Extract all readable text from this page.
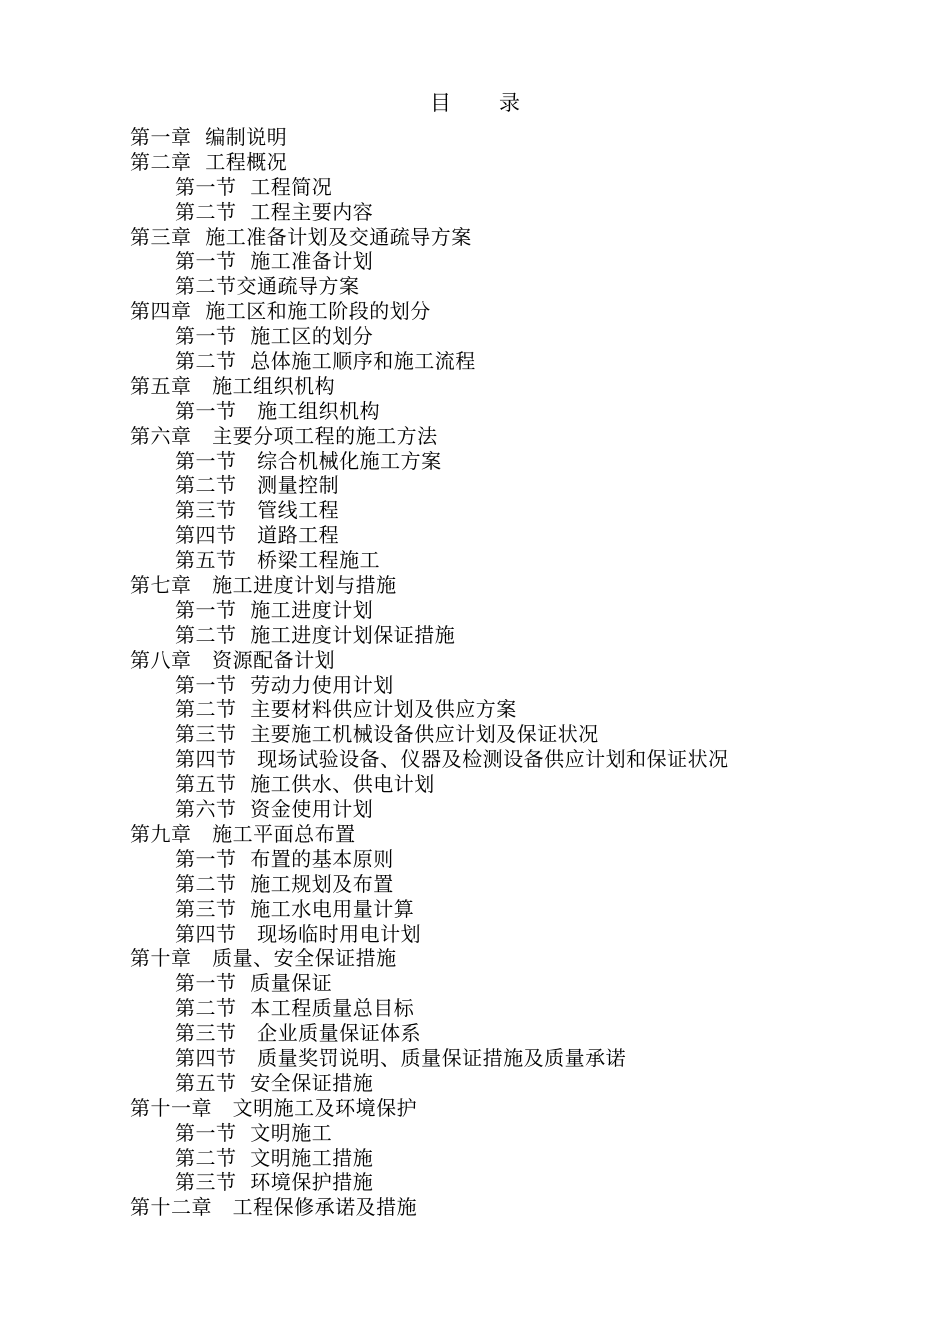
目 录
第一章  编制说明
第二章  工程概况
第一节  工程简况
第二节  工程主要内容
第三章  施工准备计划及交通疏导方案
第一节  施工准备计划
第二节交通疏导方案
第四章  施工区和施工阶段的划分
第一节  施工区的划分
第二节  总体施工顺序和施工流程
第五章   施工组织机构
第一节   施工组织机构
第六章   主要分项工程的施工方法
第一节   综合机械化施工方案
第二节   测量控制
第三节   管线工程
第四节   道路工程
第五节   桥梁工程施工
第七章   施工进度计划与措施
第一节  施工进度计划
第二节  施工进度计划保证措施
第八章   资源配备计划
第一节  劳动力使用计划
第二节  主要材料供应计划及供应方案
第三节  主要施工机械设备供应计划及保证状况
第四节   现场试验设备、仪器及检测设备供应计划和保证状况
第五节  施工供水、供电计划
第六节  资金使用计划
第九章   施工平面总布置
第一节  布置的基本原则
第二节  施工规划及布置
第三节  施工水电用量计算
第四节   现场临时用电计划
第十章   质量、安全保证措施
第一节  质量保证
第二节  本工程质量总目标
第三节   企业质量保证体系
第四节   质量奖罚说明、质量保证措施及质量承诺
第五节  安全保证措施
第十一章   文明施工及环境保护
第一节  文明施工
第二节  文明施工措施
第三节  环境保护措施
第十二章   工程保修承诺及措施
